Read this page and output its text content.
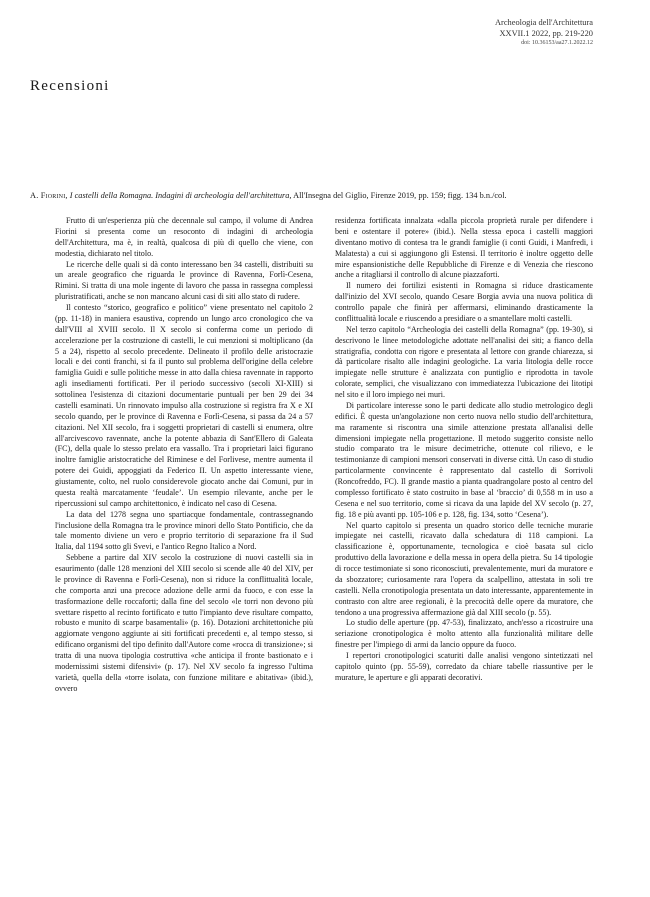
Archeologia dell'Architettura
XXVII.1 2022, pp. 219-220
doi: 10.36153/aa27.1.2022.12
Recensioni
A. Fiorini, I castelli della Romagna. Indagini di archeologia dell'architettura, All'Insegna del Giglio, Firenze 2019, pp. 159; figg. 134 b.n./col.

Frutto di un'esperienza più che decennale sul campo, il volume di Andrea Fiorini si presenta come un resoconto di indagini di archeologia dell'Architettura, ma è, in realtà, qualcosa di più di quello che viene, con modestia, dichiarato nel titolo.

Le ricerche delle quali si dà conto interessano ben 34 castelli, distribuiti su un areale geografico che riguarda le province di Ravenna, Forlì-Cesena, Rimini. Si tratta di una mole ingente di lavoro che passa in rassegna complessi pluristratificati, anche se non mancano alcuni casi di siti allo stato di rudere.

Il contesto “storico, geografico e politico” viene presentato nel capitolo 2 (pp. 11-18) in maniera esaustiva, coprendo un lungo arco cronologico che va dall'VIII al XVIII secolo. Il X secolo si conferma come un periodo di accelerazione per la costruzione di castelli, le cui menzioni si moltiplicano (da 5 a 24), rispetto al secolo precedente. Delineato il profilo delle aristocrazie locali e dei conti franchi, si fa il punto sul problema dell'origine della celebre famiglia Guidi e sulle politiche messe in atto dalla chiesa ravennate in rapporto agli insediamenti fortificati. Per il periodo successivo (secoli XI-XIII) si sottolinea l'esistenza di citazioni documentarie puntuali per ben 29 dei 34 castelli esaminati. Un rinnovato impulso alla costruzione si registra fra X e XI secolo quando, per le province di Ravenna e Forlì-Cesena, si passa da 24 a 57 citazioni. Nel XII secolo, fra i soggetti proprietari di castelli si enumera, oltre all'arcivescovo ravennate, anche la potente abbazia di Sant'Ellero di Galeata (FC), della quale lo stesso prelato era vassallo. Tra i proprietari laici figurano inoltre famiglie aristocratiche del Riminese e del Forlivese, mentre aumenta il potere dei Guidi, appoggiati da Federico II. Un aspetto interessante viene, giustamente, colto, nel ruolo considerevole giocato anche dai Comuni, pur in questa realtà marcatamente ‘feudale’. Un esempio rilevante, anche per le ripercussioni sul campo architettonico, è indicato nel caso di Cesena.

La data del 1278 segna uno spartiacque fondamentale, contrassegnando l'inclusione della Romagna tra le province minori dello Stato Pontificio, che da tale momento diviene un vero e proprio territorio di separazione fra il Sud Italia, dal 1194 sotto gli Svevi, e l'antico Regno Italico a Nord.

Sebbene a partire dal XIV secolo la costruzione di nuovi castelli sia in esaurimento (dalle 128 menzioni del XIII secolo si scende alle 40 del XIV, per le province di Ravenna e Forlì-Cesena), non si riduce la conflittualità locale, che comporta anzi una precoce adozione delle armi da fuoco, e con esse la trasformazione delle roccaforti; dalla fine del secolo «le torri non devono più svettare rispetto al recinto fortificato e tutto l'impianto deve risultare compatto, robusto e munito di scarpe basamentali» (p. 16). Dotazioni architettoniche più aggiornate vengono aggiunte ai siti fortificati precedenti e, al tempo stesso, si edificano organismi del tipo definito dall'Autore come «rocca di transizione»; si tratta di una nuova tipologia costruttiva «che anticipa il fronte bastionato e i modernissimi sistemi difensivi» (p. 17). Nel XV secolo fa ingresso l'ultima varietà, quella della «torre isolata, con funzione militare e abitativa» (ibid.), ovvero

residenza fortificata innalzata «dalla piccola proprietà rurale per difendere i beni e ostentare il potere» (ibid.). Nella stessa epoca i castelli maggiori diventano motivo di contesa tra le grandi famiglie (i conti Guidi, i Manfredi, i Malatesta) a cui si aggiungono gli Estensi. Il territorio è inoltre oggetto delle mire espansionistiche delle Repubbliche di Firenze e di Venezia che riescono anche a ritagliarsi il controllo di alcune piazzaforti.

Il numero dei fortilizi esistenti in Romagna si riduce drasticamente dall'inizio del XVI secolo, quando Cesare Borgia avvia una nuova politica di controllo papale che finirà per affermarsi, eliminando drasticamente la conflittualità locale e riuscendo a presidiare o a smantellare molti castelli.

Nel terzo capitolo “Archeologia dei castelli della Romagna” (pp. 19-30), si descrivono le linee metodologiche adottate nell'analisi dei siti; a fianco della stratigrafia, condotta con rigore e presentata al lettore con grande chiarezza, si dà particolare risalto alle indagini geologiche. La varia litologia delle rocce impiegate nelle strutture è analizzata con puntiglio e riprodotta in tavole colorate, semplici, che visualizzano con immediatezza l'ubicazione dei litotipi nel sito e il loro impiego nei muri.

Di particolare interesse sono le parti dedicate allo studio metrologico degli edifici. È questa un'angolazione non certo nuova nello studio dell'architettura, ma raramente si riscontra una simile attenzione prestata all'analisi delle dimensioni impiegate nella progettazione. Il metodo suggerito consiste nello studio comparato tra le misure decimetriche, ottenute col rilievo, e le testimonianze di campioni mensori conservati in diverse città. Un caso di studio particolarmente convincente è rappresentato dal castello di Sorrivoli (Roncofreddo, FC). Il grande mastio a pianta quadrangolare posto al centro del complesso fortificato è stato costruito in base al ‘braccio’ di 0,558 m in uso a Cesena e nel suo territorio, come si ricava da una lapide del XV secolo (p. 27, fig. 18 e più avanti pp. 105-106 e p. 128, fig. 134, sotto ‘Cesena’).

Nel quarto capitolo si presenta un quadro storico delle tecniche murarie impiegate nei castelli, ricavato dalla schedatura di 118 campioni. La classificazione è, opportunamente, tecnologica e cioè basata sul ciclo produttivo della lavorazione e della messa in opera della pietra. Su 14 tipologie di rocce testimoniate si sono riconosciuti, prevalentemente, muri da muratore e da sbozzatore; curiosamente rara l'opera da scalpellino, attestata in soli tre castelli. Nella cronotipologia presentata un dato interessante, apparentemente in contrasto con altre aree regionali, è la precocità delle opere da muratore, che tendono a una progressiva affermazione già dal XIII secolo (p. 55).

Lo studio delle aperture (pp. 47-53), finalizzato, anch'esso a ricostruire una seriazione cronotipologica è molto attento alla funzionalità militare delle finestre per l'impiego di armi da lancio oppure da fuoco.

I repertori cronotipologici scaturiti dalle analisi vengono sintetizzati nel capitolo quinto (pp. 55-59), corredato da chiare tabelle riassuntive per le murature, le aperture e gli apparati decorativi.
